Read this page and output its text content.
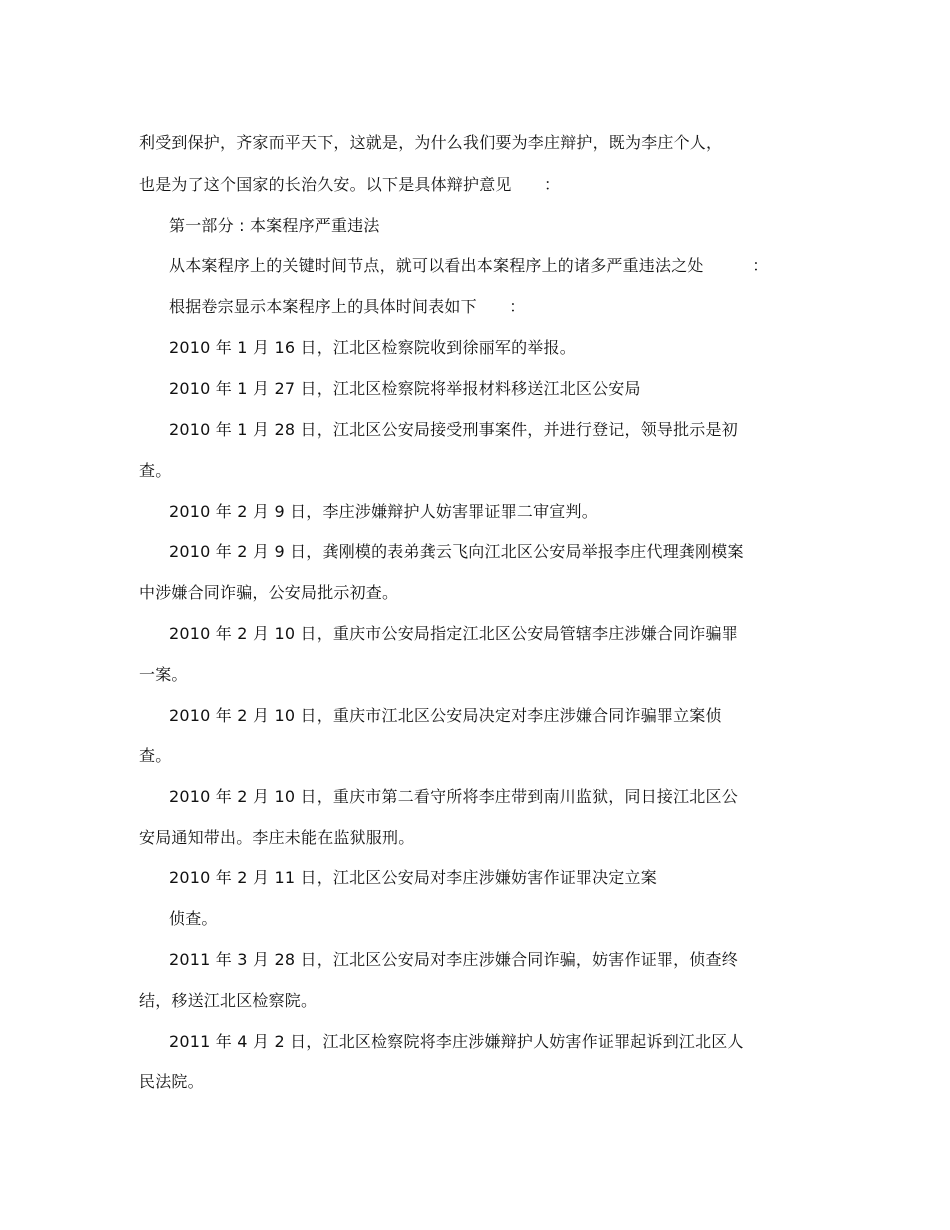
利受到保护，齐家而平天下，这就是，为什么我们要为李庄辩护，既为李庄个人，
也是为了这个国家的长治久安。以下是具体辩护意见　　：
第一部分 : 本案程序严重违法
从本案程序上的关键时间节点，就可以看出本案程序上的诸多严重违法之处　　　：
根据卷宗显示本案程序上的具体时间表如下　　：
2010 年 1 月 16 日，江北区检察院收到徐丽军的举报。
2010 年 1 月 27 日，江北区检察院将举报材料移送江北区公安局
2010 年 1 月 28 日，江北区公安局接受刑事案件，并进行登记，领导批示是初
查。
2010 年 2 月 9 日，李庄涉嫌辩护人妨害罪证罪二审宣判。
2010 年 2 月 9 日，龚刚模的表弟龚云飞向江北区公安局举报李庄代理龚刚模案
中涉嫌合同诈骗，公安局批示初查。
2010 年 2 月 10 日，重庆市公安局指定江北区公安局管辖李庄涉嫌合同诈骗罪
一案。
2010 年 2 月 10 日，重庆市江北区公安局决定对李庄涉嫌合同诈骗罪立案侦
查。
2010 年 2 月 10 日，重庆市第二看守所将李庄带到南川监狱，同日接江北区公
安局通知带出。李庄未能在监狱服刑。
2010 年 2 月 11 日，江北区公安局对李庄涉嫌妨害作证罪决定立案
侦查。
2011 年 3 月 28 日，江北区公安局对李庄涉嫌合同诈骗，妨害作证罪，侦查终
结，移送江北区检察院。
2011 年 4 月 2 日，江北区检察院将李庄涉嫌辩护人妨害作证罪起诉到江北区人
民法院。
